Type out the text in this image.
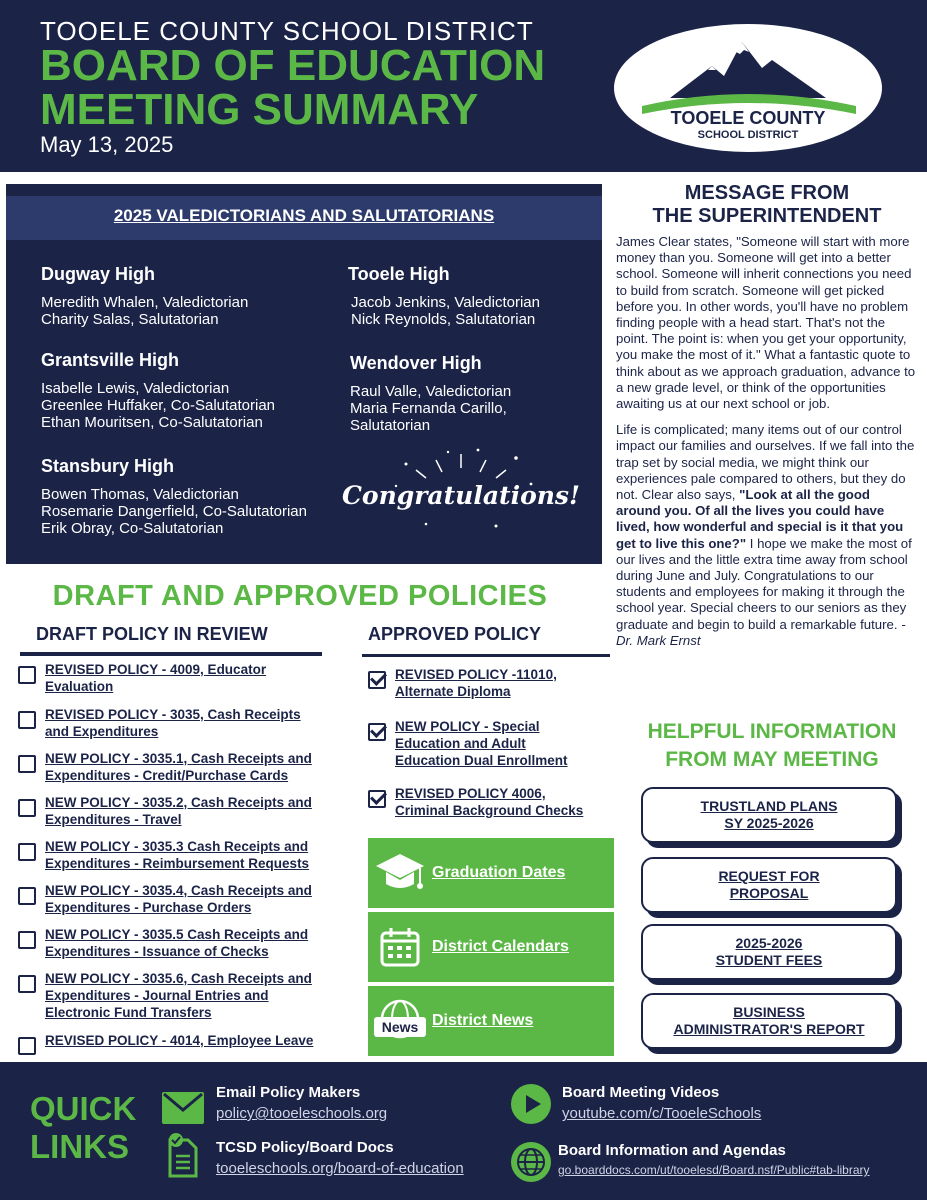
TOOELE COUNTY SCHOOL DISTRICT
BOARD OF EDUCATION
MEETING SUMMARY
May 13, 2025
Education Elevated
TOOELE COUNTY
SCHOOL DISTRICT
2025 VALEDICTORIANS AND SALUTATORIANS
Dugway High

Meredith Whalen, Valedictorian

Charity Salas, Salutatorian

Tooele High

Jacob Jenkins, Valedictorian

Nick Reynolds, Salutatorian

Grantsville High

Isabelle Lewis, Valedictorian

Greenlee Huffaker, Co-Salutatorian

Ethan Mouritsen, Co-Salutatorian

Wendover High

Raul Valle, Valedictorian

Maria Fernanda Carillo,

Salutatorian

Stansbury High

Bowen Thomas, Valedictorian

Rosemarie Dangerfield, Co-Salutatorian

Erik Obray, Co-Salutatorian

Congratulations!
MESSAGE FROM
THE SUPERINTENDENT

James Clear states, "Someone will start with more money than you. Someone will get into a better school. Someone will inherit connections you need to build from scratch. Someone will get picked before you. In other words, you'll have no problem finding people with a head start. That's not the point. The point is: when you get your opportunity, you make the most of it." What a fantastic quote to think about as we approach graduation, advance to a new grade level, or think of the opportunities awaiting us at our next school or job.

Life is complicated; many items out of our control impact our families and ourselves. If we fall into the trap set by social media, we might think our experiences pale compared to others, but they do not. Clear also says, "Look at all the good around you. Of all the lives you could have lived, how wonderful and special is it that you get to live this one?" I hope we make the most of our lives and the little extra time away from school during June and July. Congratulations to our students and employees for making it through the school year. Special cheers to our seniors as they graduate and begin to build a remarkable future. -Dr. Mark Ernst

DRAFT AND APPROVED POLICIES
DRAFT POLICY IN REVIEW	APPROVED POLICY
REVISED POLICY - 4009, Educator
Evaluation
REVISED POLICY - 3035, Cash Receipts
and Expenditures
NEW POLICY - 3035.1, Cash Receipts and
Expenditures - Credit/Purchase Cards
NEW POLICY - 3035.2, Cash Receipts and
Expenditures - Travel
NEW POLICY - 3035.3 Cash Receipts and
Expenditures - Reimbursement Requests
NEW POLICY - 3035.4, Cash Receipts and
Expenditures - Purchase Orders
NEW POLICY - 3035.5 Cash Receipts and
Expenditures - Issuance of Checks
NEW POLICY - 3035.6, Cash Receipts and
Expenditures - Journal Entries and
Electronic Fund Transfers
REVISED POLICY - 4014, Employee Leave
REVISED POLICY -11010,
Alternate Diploma
NEW POLICY - Special
Education and Adult
Education Dual Enrollment
REVISED POLICY 4006,
Criminal Background Checks
Graduation Dates
District Calendars
News District News
HELPFUL INFORMATION
FROM MAY MEETING
TRUSTLAND PLANS
SY 2025-2026
REQUEST FOR
PROPOSAL
2025-2026
STUDENT FEES
BUSINESS
ADMINISTRATOR'S REPORT
QUICK
LINKS
Email Policy Makers
policy@tooeleschools.org
TCSD Policy/Board Docs
tooeleschools.org/board-of-education
Board Meeting Videos
youtube.com/c/TooeleSchools
Board Information and Agendas
go.boarddocs.com/ut/tooelesd/Board.nsf/Public#tab-library
